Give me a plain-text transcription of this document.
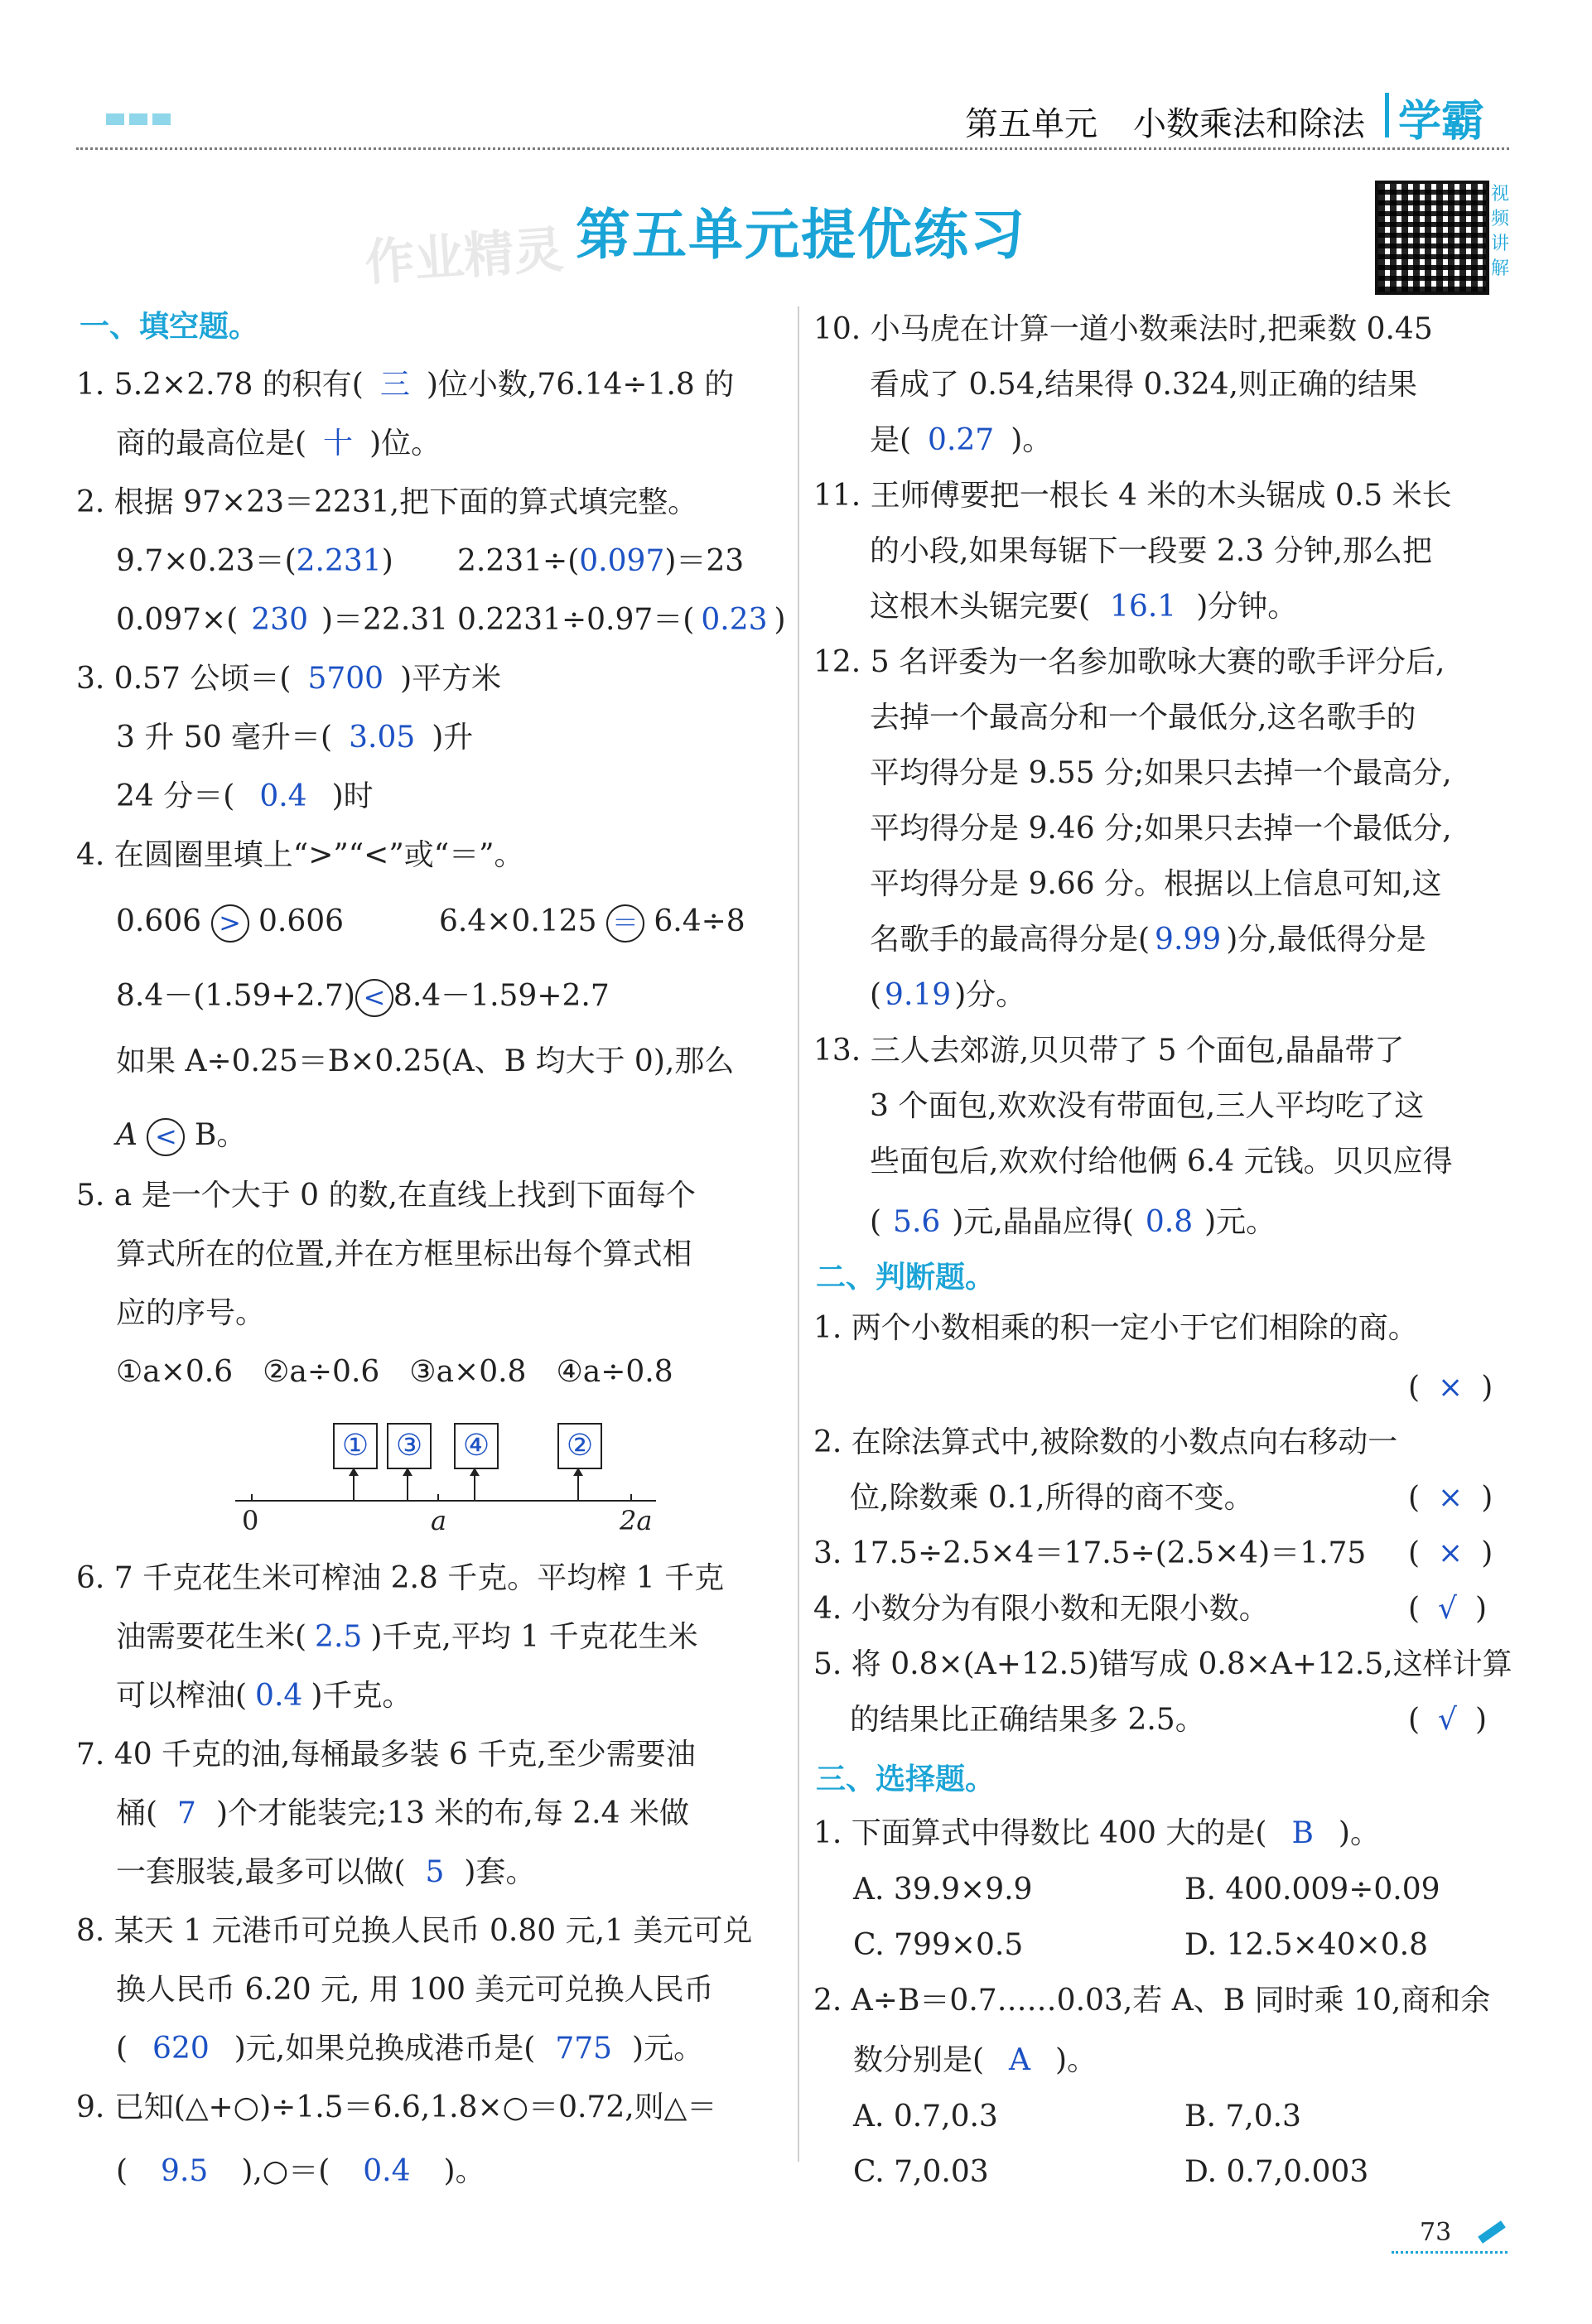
第五单元 小数乘法和除法 学霸
作业精灵 第五单元提优练习
视频讲解
一、填空题。
1. 5.2×2.78 的积有( 三 )位小数,76.14÷1.8 的
商的最高位是( 十 )位。
2. 根据 97×23＝2231,把下面的算式填完整。
9.7×0.23＝(2.231) 2.231÷(0.097)＝23
0.097×( 230 )＝22.31 0.2231÷0.97＝( 0.23 )
3. 0.57 公顷＝( 5700 )平方米
3 升 50 毫升＝( 3.05 )升
24 分＝( 0.4 )时
4. 在圆圈里填上“>”“<”或“＝”。
0.606 > 0.606	6.4×0.125 ＝ 6.4÷8
8.4－(1.59+2.7) < 8.4－1.59+2.7
如果 A÷0.25＝B×0.25(A、B 均大于 0),那么
A < B。
5. a 是一个大于 0 的数,在直线上找到下面每个
算式所在的位置,并在方框里标出每个算式相
应的序号。
①a×0.6　②a÷0.6　③a×0.8　④a÷0.8
① ③	④	②
0	a	2a
6. 7 千克花生米可榨油 2.8 千克。平均榨 1 千克
油需要花生米( 2.5 )千克,平均 1 千克花生米
可以榨油( 0.4 )千克。
7. 40 千克的油,每桶最多装 6 千克,至少需要油
桶( 7 )个才能装完;13 米的布,每 2.4 米做
一套服装,最多可以做( 5 )套。
8. 某天 1 元港币可兑换人民币 0.80 元,1 美元可兑
换人民币 6.20 元, 用 100 美元可兑换人民币
( 620 )元,如果兑换成港币是( 775 )元。
9. 已知(△+○)÷1.5＝6.6,1.8×○＝0.72,则△＝
( 9.5 ),○＝( 0.4 )。
10. 小马虎在计算一道小数乘法时,把乘数 0.45
看成了 0.54,结果得 0.324,则正确的结果
是( 0.27 )。
11. 王师傅要把一根长 4 米的木头锯成 0.5 米长
的小段,如果每锯下一段要 2.3 分钟,那么把
这根木头锯完要( 16.1 )分钟。
12. 5 名评委为一名参加歌咏大赛的歌手评分后,
去掉一个最高分和一个最低分,这名歌手的
平均得分是 9.55 分;如果只去掉一个最高分,
平均得分是 9.46 分;如果只去掉一个最低分,
平均得分是 9.66 分。根据以上信息可知,这
名歌手的最高得分是( 9.99 )分,最低得分是
( 9.19 )分。
13. 三人去郊游,贝贝带了 5 个面包,晶晶带了
3 个面包,欢欢没有带面包,三人平均吃了这
些面包后,欢欢付给他俩 6.4 元钱。贝贝应得
( 5.6 )元,晶晶应得( 0.8 )元。
二、判断题。
1. 两个小数相乘的积一定小于它们相除的商。
( × )
2. 在除法算式中,被除数的小数点向右移动一
位,除数乘 0.1,所得的商不变。	( × )
3. 17.5÷2.5×4＝17.5÷(2.5×4)＝1.75 ( × )
4. 小数分为有限小数和无限小数。	( √ )
5. 将 0.8×(A+12.5)错写成 0.8×A+12.5,这样计算
的结果比正确结果多 2.5。	( √ )
三、选择题。
1. 下面算式中得数比 400 大的是( B )。
A. 39.9×9.9	B. 400.009÷0.09
C. 799×0.5	D. 12.5×40×0.8
2. A÷B＝0.7……0.03,若 A、B 同时乘 10,商和余
数分别是( A )。
A. 0.7,0.3	B. 7,0.3
C. 7,0.03	D. 0.7,0.003
73
